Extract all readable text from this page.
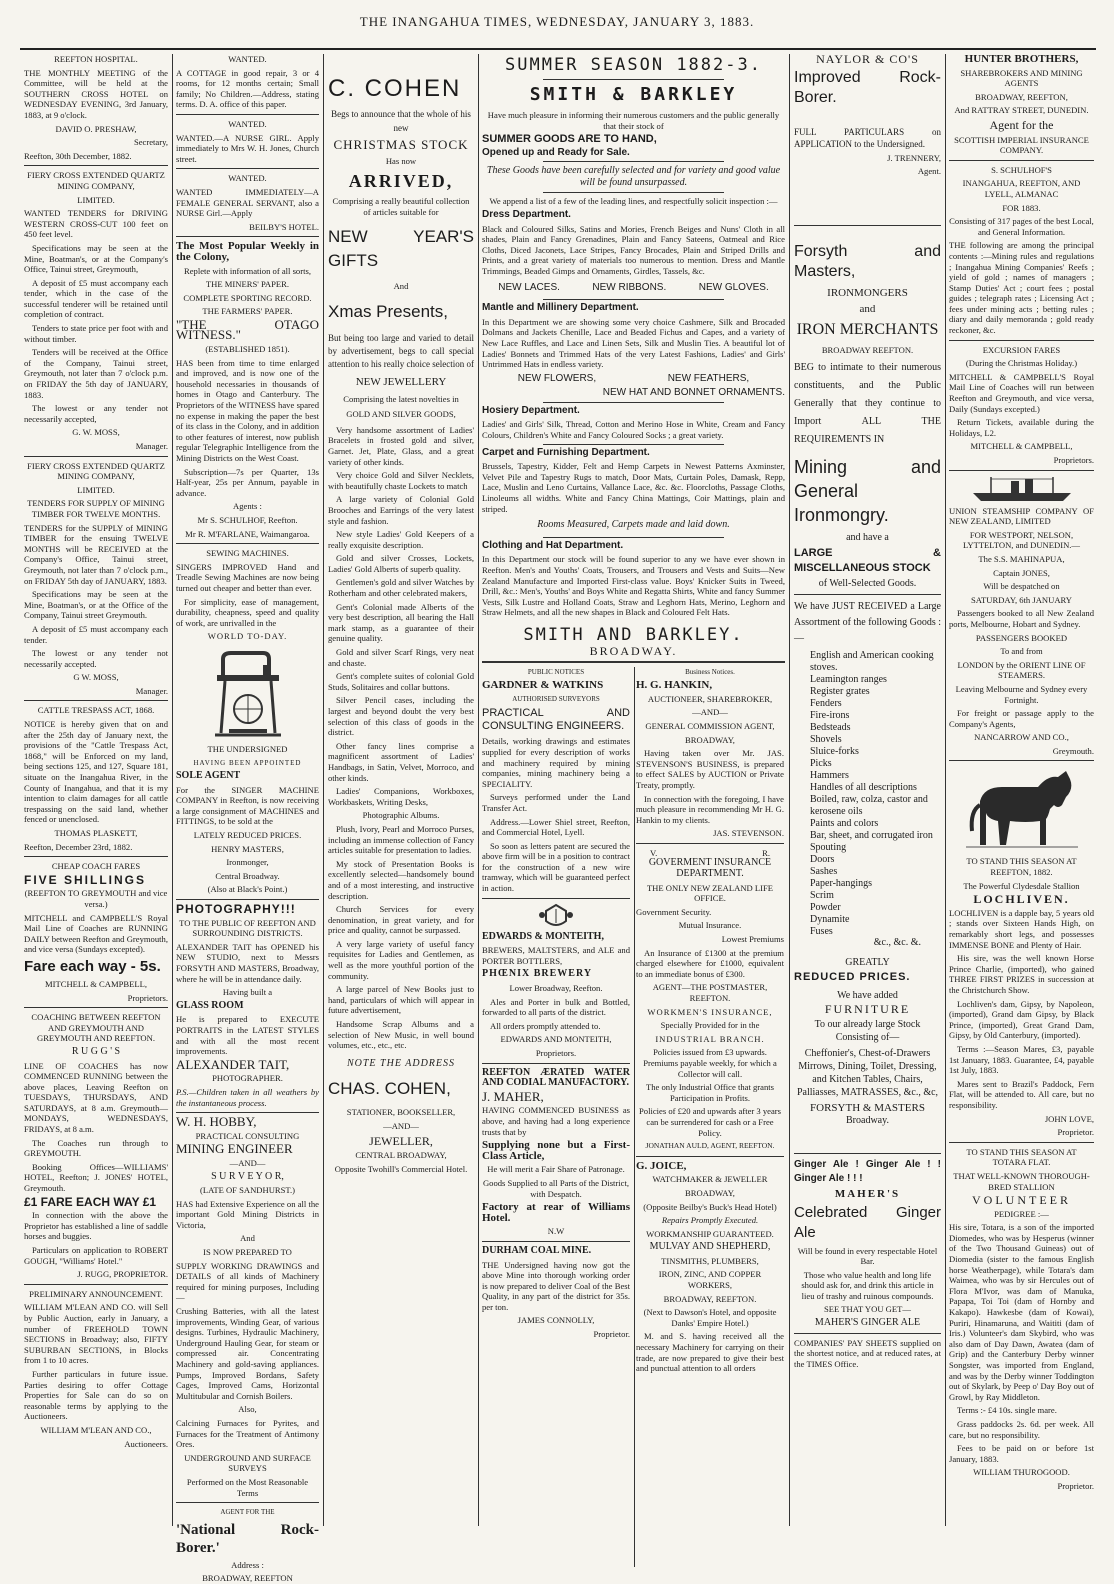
THE INANGAHUA TIMES, WEDNESDAY, JANUARY 3, 1883.

REEFTON HOSPITAL.

THE MONTHLY MEETING of the Committee, will be held at the SOUTHERN CROSS HOTEL on WEDNESDAY EVENING, 3rd January, 1883, at 9 o'clock.

DAVID O. PRESHAW,

Secretary,

Reefton, 30th December, 1882.

FIERY CROSS EXTENDED QUARTZ MINING COMPANY,

LIMITED.

WANTED TENDERS for DRIVING WESTERN CROSS-CUT 100 feet on 450 feet level.

Specifications may be seen at the Mine, Boatman's, or at the Company's Office, Tainui street, Greymouth,

A deposit of £5 must accompany each tender, which in the case of the successful tenderer will be retained until completion of contract.

Tenders to state price per foot with and without timber.

Tenders will be received at the Office of the Company, Tainui street, Greymouth, not later than 7 o'clock p.m. on FRIDAY the 5th day of JANUARY, 1883.

The lowest or any tender not necessarily accepted,

G. W. MOSS,

Manager.

FIERY CROSS EXTENDED QUARTZ MINING COMPANY,

LIMITED.

TENDERS FOR SUPPLY OF MINING TIMBER FOR TWELVE MONTHS.

TENDERS for the SUPPLY of MINING TIMBER for the ensuing TWELVE MONTHS will be RECEIVED at the Company's Office, Tainui street, Greymouth, not later than 7 o'clock p.m., on FRIDAY 5th day of JANUARY, 1883.

Specifications may be seen at the Mine, Boatman's, or at the Office of the Company, Tainui street Greymouth.

A deposit of £5 must accompany each tender.

The lowest or any tender not necessarily accepted.

G W. MOSS,

Manager.

CATTLE TRESPASS ACT, 1868.

NOTICE is hereby given that on and after the 25th day of January next, the provisions of the "Cattle Trespass Act, 1868," will be Enforced on my land, being sections 125, and 127, Square 181, situate on the Inangahua River, in the County of Inangahua, and that it is my intention to claim damages for all cattle trespassing on the said land, whether fenced or unenclosed.

THOMAS PLASKETT,

Reefton, December 23rd, 1882.

CHEAP COACH FARES

FIVE SHILLINGS

(REEFTON TO GREYMOUTH and vice versa.)

MITCHELL and CAMPBELL'S Royal Mail Line of Coaches are RUNNING DAILY between Reefton and Greymouth, and vice versa (Sundays excepted).

Fare each way - 5s.

MITCHELL & CAMPBELL,

Proprietors.

COACHING BETWEEN REEFTON AND GREYMOUTH AND GREYMOUTH AND REEFTON.

R U G G ' S

LINE OF COACHES has now COMMENCED RUNNING between the above places, Leaving Reefton on TUESDAYS, THURSDAYS, AND SATURDAYS, at 8 a.m. Greymouth— MONDAYS, WEDNESDAYS, FRIDAYS, at 8 a.m.

The Coaches run through to GREYMOUTH.

Booking Offices—WILLIAMS' HOTEL, Reefton; J. JONES' HOTEL, Greymouth.

£1 FARE EACH WAY £1

In connection with the above the Proprietor has established a line of saddle horses and buggies.

Particulars on application to ROBERT GOUGH, "Williams' Hotel."

J. RUGG, PROPRIETOR.

PRELIMINARY ANNOUNCEMENT.

WILLIAM M'LEAN AND CO. will Sell by Public Auction, early in January, a number of FREEHOLD TOWN SECTIONS in Broadway; also, FIFTY SUBURBAN SECTIONS, in Blocks from 1 to 10 acres.

Further particulars in future issue. Parties desiring to offer Cottage Properties for Sale can do so on reasonable terms by applying to the Auctioneers.

WILLIAM M'LEAN AND CO.,

Auctioneers.

WANTED.

A COTTAGE in good repair, 3 or 4 rooms, for 12 months certain; Small family; No Children.—Address, stating terms. D. A. office of this paper.

WANTED.

WANTED.—A NURSE GIRL. Apply immediately to Mrs W. H. Jones, Church street.

WANTED.

WANTED IMMEDIATELY—A FEMALE GENERAL SERVANT, also a NURSE Girl.—Apply

BEILBY'S HOTEL.

The Most Popular Weekly in the Colony,

Replete with information of all sorts,

THE MINERS' PAPER.

COMPLETE SPORTING RECORD.

THE FARMERS' PAPER.

"THE OTAGO WITNESS."

(ESTABLISHED 1851).

HAS been from time to time enlarged and improved, and is now one of the household necessaries in thousands of homes in Otago and Canterbury. The Proprietors of the WITNESS have spared no expense in making the paper the best of its class in the Colony, and in addition to other features of interest, now publish regular Telegraphic Intelligence from the Mining Districts on the West Coast.

Subscription—7s per Quarter, 13s Half-year, 25s per Annum, payable in advance.

Agents :

Mr S. SCHULHOF, Reefton.

Mr R. M'FARLANE, Waimangaroa.

SEWING MACHINES.

SINGERS IMPROVED Hand and Treadle Sewing Machines are now being turned out cheaper and better than ever.

For simplicity, ease of management, durability, cheapness, speed and quality of work, are unrivalled in the

WORLD TO-DAY.

THE UNDERSIGNED

HAVING BEEN APPOINTED

SOLE AGENT

For the SINGER MACHINE COMPANY in Reefton, is now receiving a large consignment of MACHINES and FITTINGS, to be sold at the

LATELY REDUCED PRICES.

HENRY MASTERS,

Ironmonger,

Central Broadway.

(Also at Black's Point.)

PHOTOGRAPHY!!!

TO THE PUBLIC OF REEFTON AND SURROUNDING DISTRICTS.

ALEXANDER TAIT has OPENED his NEW STUDIO, next to Messrs FORSYTH AND MASTERS, Broadway, where he will be in attendance daily.

Having built a

GLASS ROOM

He is prepared to EXECUTE PORTRAITS in the LATEST STYLES and with all the most recent improvements.

ALEXANDER TAIT,

PHOTOGRAPHER.

P.S.—Children taken in all weathers by the instantaneous process.

W. H. HOBBY,

PRACTICAL CONSULTING

MINING ENGINEER

—AND—

S U R V E Y O R,

(LATE OF SANDHURST.)

HAS had Extensive Experience on all the important Gold Mining Districts in Victoria,

And

IS NOW PREPARED TO

SUPPLY WORKING DRAWINGS and DETAILS of all kinds of Machinery required for mining purposes, Including—

Crushing Batteries, with all the latest improvements, Winding Gear, of various designs. Turbines, Hydraulic Machinery, Underground Hauling Gear, for steam or compressed air. Concentrating Machinery and gold-saving appliances. Pumps, Improved Bordans, Safety Cages, Improved Cams, Horizontal Multitubular and Cornish Boilers.

Also,

Calcining Furnaces for Pyrites, and Furnaces for the Treatment of Antimony Ores.

UNDERGROUND AND SURFACE SURVEYS

Performed on the Most Reasonable Terms

AGENT FOR THE

'National Rock-Borer.'

Address :

BROADWAY, REEFTON

C. COHEN

Begs to announce that the whole of his new

CHRISTMAS STOCK

Has now

ARRIVED,

Comprising a really beautiful collection of articles suitable for

NEW YEAR'S GIFTS

And

Xmas Presents,

But being too large and varied to detail by advertisement, begs to call special attention to his really choice selection of

NEW JEWELLERY

Comprising the latest novelties in

GOLD AND SILVER GOODS,

Very handsome assortment of Ladies' Bracelets in frosted gold and silver, Garnet. Jet, Plate, Glass, and a great variety of other kinds.

Very choice Gold and Silver Necklets, with beautifully chaste Lockets to match

A large variety of Colonial Gold Brooches and Earrings of the very latest style and fashion.

New style Ladies' Gold Keepers of a really exquisite description.

Gold and silver Crosses, Lockets, Ladies' Gold Alberts of superb quality.

Gentlemen's gold and silver Watches by Rotherham and other celebrated makers,

Gent's Colonial made Alberts of the very best description, all bearing the Hall mark stamp, as a guarantee of their genuine quality.

Gold and silver Scarf Rings, very neat and chaste.

Gent's complete suites of colonial Gold Studs, Solitaires and collar buttons.

Silver Pencil cases, including the largest and beyond doubt the very best selection of this class of goods in the district.

Other fancy lines comprise a magnificent assortment of Ladies' Handbags, in Satin, Velvet, Morroco, and other kinds.

Ladies' Companions, Workboxes, Workbaskets, Writing Desks,

Photographic Albums.

Plush, Ivory, Pearl and Morroco Purses, including an immense collection of Fancy articles suitable for presentation to ladies.

My stock of Presentation Books is excellently selected—handsomely bound and of a most interesting, and instructive description.

Church Services for every denomination, in great variety, and for price and quality, cannot be surpassed.

A very large variety of useful fancy requisites for Ladies and Gentlemen, as well as the more youthful portion of the community.

A large parcel of New Books just to hand, particulars of which will appear in future advertisement,

Handsome Scrap Albums and a selection of New Music, in well bound volumes, etc., etc., etc.

NOTE THE ADDRESS

CHAS. COHEN,

STATIONER, BOOKSELLER,

—AND—

JEWELLER,

CENTRAL BROADWAY,

Opposite Twohill's Commercial Hotel.

SUMMER SEASON 1882-3.

SMITH & BARKLEY

Have much pleasure in informing their numerous customers and the public generally that their stock of

SUMMER GOODS ARE TO HAND,

Opened up and Ready for Sale.

These Goods have been carefully selected and for variety and good value will be found unsurpassed.

We append a list of a few of the leading lines, and respectfully solicit inspection :—

Dress Department.

Black and Coloured Silks, Satins and Mories, French Beiges and Nuns' Cloth in all shades, Plain and Fancy Grenadines, Plain and Fancy Sateens, Oatmeal and Rice Cloths, Diced Jaconets, Lace Stripes, Fancy Brocades, Plain and Striped Drills and Prints, and a great variety of materials too numerous to mention. Dress and Mantle Trimmings, Beaded Gimps and Ornaments, Girdles, Tassels, &c.

NEW LACES.	NEW RIBBONS.	NEW GLOVES.

Mantle and Millinery Department.

In this Department we are showing some very choice Cashmere, Silk and Brocaded Dolmans and Jackets Chenille, Lace and Beaded Fichus and Capes, and a variety of New Lace Ruffles, and Lace and Linen Sets, Silk and Muslin Ties. A beautiful lot of Ladies' Bonnets and Trimmed Hats of the very Latest Fashions, Ladies' and Girls' Untrimmed Hats in endless variety.

NEW FLOWERS,	NEW FEATHERS,

NEW HAT AND BONNET ORNAMENTS.

Hosiery Department.

Ladies' and Girls' Silk, Thread, Cotton and Merino Hose in White, Cream and Fancy Colours, Children's White and Fancy Coloured Socks ; a great variety.

Carpet and Furnishing Department.

Brussels, Tapestry, Kidder, Felt and Hemp Carpets in Newest Patterns Axminster, Velvet Pile and Tapestry Rugs to match, Door Mats, Curtain Poles, Damask, Repp, Lace, Muslin and Leno Curtains, Vallance Lace, &c. &c. Floorcloths, Passage Cloths, Linoleums all widths. White and Fancy China Mattings, Coir Mattings, plain and striped.

Rooms Measured, Carpets made and laid down.

Clothing and Hat Department.

In this Department our stock will be found superior to any we have ever shown in Reefton. Men's and Youths' Coats, Trousers, and Trousers and Vests and Suits—New Zealand Manufacture and Imported First-class value. Boys' Knicker Suits in Tweed, Drill, &c.: Men's, Youths' and Boys White and Regatta Shirts, White and fancy Summer Vests, Silk Lustre and Holland Coats, Straw and Leghorn Hats, Merino, Leghorn and Straw Helmets, and all the new shapes in Black and Coloured Felt Hats.

SMITH AND BARKLEY.

BROADWAY.

PUBLIC NOTICES

GARDNER & WATKINS

AUTHORISED SURVEYORS

PRACTICAL AND CONSULTING ENGINEERS.

Details, working drawings and estimates supplied for every description of works and machinery required by mining companies, mining machinery being a SPECIALITY.

Surveys performed under the Land Transfer Act.

Address.—Lower Shiel street, Reefton, and Commercial Hotel, Lyell.

So soon as letters patent are secured the above firm will be in a position to contract for the construction of a new wire tramway, which will be guaranteed perfect in action.

EDWARDS & MONTEITH,

BREWERS, MALTSTERS, and ALE and PORTER BOTTLERS,

PHŒNIX BREWERY

Lower Broadway, Reefton.

Ales and Porter in bulk and Bottled, forwarded to all parts of the district.

All orders promptly attended to.

EDWARDS AND MONTEITH,

Proprietors.

REEFTON ÆRATED WATER AND CODIAL MANUFACTORY.

J. MAHER,

HAVING COMMENCED BUSINESS as above, and having had a long experience trusts that by

Supplying none but a First-Class Article,

He will merit a Fair Share of Patronage.

Goods Supplied to all Parts of the District, with Despatch.

Factory at rear of Williams Hotel.

N.W

DURHAM COAL MINE.

THE Undersigned having now got the above Mine into thorough working order is now prepared to deliver Coal of the Best Quality, in any part of the district for 35s. per ton.

JAMES CONNOLLY,

Proprietor.

Business Notices.

H. G. HANKIN,

AUCTIONEER, SHAREBROKER,

—AND—

GENERAL COMMISSION AGENT,

BROADWAY,

Having taken over Mr. JAS. STEVENSON'S BUSINESS, is prepared to effect SALES by AUCTION or Private Treaty, promptly.

In connection with the foregoing, I have much pleasure in recommending Mr H. G. Hankin to my clients.

JAS. STEVENSON.

V.	R.

GOVERMENT INSURANCE DEPARTMENT.

THE ONLY NEW ZEALAND LIFE OFFICE.

Government Security.

Mutual Insurance.

Lowest Premiums

An Insurance of £1300 at the premium charged elsewhere for £1000, equivalent to an immediate bonus of £300.

AGENT—THE POSTMASTER, REEFTON.

WORKMEN'S INSURANCE,

Specially Provided for in the

INDUSTRIAL BRANCH.

Policies issued from £3 upwards. Premiums payable weekly, for which a Collector will call.

The only Industrial Office that grants Participation in Profits.

Policies of £20 and upwards after 3 years can be surrendered for cash or a Free Policy.

JONATHAN AULD, AGENT, REEFTON.

G. JOICE,

WATCHMAKER & JEWELLER

BROADWAY,

(Opposite Beilby's Buck's Head Hotel)

Repairs Promptly Executed.

WORKMANSHIP GUARANTEED.

MULVAY AND SHEPHERD,

TINSMITHS, PLUMBERS,

IRON, ZINC, AND COPPER WORKERS,

BROADWAY, REEFTON.

(Next to Dawson's Hotel, and opposite Danks' Empire Hotel.)

M. and S. having received all the necessary Machinery for carrying on their trade, are now prepared to give their best and punctual attention to all orders

NAYLOR & CO'S

Improved Rock-Borer.

FULL PARTICULARS on APPLICATION to the Undersigned.

J. TRENNERY,

Agent.

Forsyth and Masters,

IRONMONGERS

and

IRON MERCHANTS

BROADWAY REEFTON.

BEG to intimate to their numerous constituents, and the Public Generally that they continue to Import ALL THE REQUIREMENTS IN

Mining and General Ironmongry.

and have a

LARGE & MISCELLANEOUS STOCK

of Well-Selected Goods.

We have JUST RECEIVED a Large Assortment of the following Goods :—

English and American cooking stoves.
Leamington ranges
Register grates
Fenders
Fire-irons
Bedsteads
Shovels
Sluice-forks
Picks
Hammers
Handles of all descriptions
Boiled, raw, colza, castor and kerosene oils
Paints and colors
Bar, sheet, and corrugated iron
Spouting
Doors
Sashes
Paper-hangings
Scrim
Powder
Dynamite
Fuses

&c., &c. &.

GREATLY

REDUCED PRICES.

We have added

FURNITURE

To our already large Stock Consisting of—

Cheffonier's, Chest-of-Drawers Mirrows, Dining, Toilet, Dressing, and Kitchen Tables, Chairs, Palliasses, MATRASSES, &c., &c,

FORSYTH & MASTERS

Broadway.

Ginger Ale ! Ginger Ale ! ! Ginger Ale ! ! !

MAHER'S

Celebrated Ginger Ale

Will be found in every respectable Hotel Bar.

Those who value health and long life should ask for, and drink this article in lieu of trashy and ruinous compounds.

SEE THAT YOU GET—

MAHER'S GINGER ALE

COMPANIES' PAY SHEETS supplied on the shortest notice, and at reduced rates, at the TIMES Office.

HUNTER BROTHERS,

SHAREBROKERS AND MINING AGENTS

BROADWAY, REEFTON,

And RATTRAY STREET, DUNEDIN.

Agent for the

SCOTTISH IMPERIAL INSURANCE COMPANY.

S. SCHULHOF'S

INANGAHUA, REEFTON, AND LYELL, ALMANAC

FOR 1883.

Consisting of 317 pages of the best Local, and General Information.

THE following are among the principal contents :—Mining rules and regulations ; Inangahua Mining Companies' Reefs ; yield of gold ; names of managers ; Stamp Duties' Act ; court fees ; postal guides ; telegraph rates ; Licensing Act ; fees under mining acts ; betting rules ; diary and daily memoranda ; gold ready reckoner, &c.

EXCURSION FARES

(During the Christmas Holiday.)

MITCHELL & CAMPBELL'S Royal Mail Line of Coaches will run between Reefton and Greymouth, and vice versa, Daily (Sundays excepted.)

Return Tickets, available during the Holidays, L2.

MITCHELL & CAMPBELL,

Proprietors.

UNION STEAMSHIP COMPANY OF NEW ZEALAND, LIMITED

FOR WESTPORT, NELSON, LYTTELTON, and DUNEDIN.—

The S.S. MAHINAPUA,

Captain JONES,

Will be despatched on

SATURDAY, 6th JANUARY

Passengers booked to all New Zealand ports, Melbourne, Hobart and Sydney.

PASSENGERS BOOKED

To and from

LONDON by the ORIENT LINE OF STEAMERS.

Leaving Melbourne and Sydney every Fortnight.

For freight or passage apply to the Company's Agents,

NANCARROW AND CO.,

Greymouth.

TO STAND THIS SEASON AT REEFTON, 1882.

The Powerful Clydesdale Stallion

LOCHLIVEN.

LOCHLIVEN is a dapple bay, 5 years old ; stands over Sixteen Hands High, on remarkably short legs, and possesses IMMENSE BONE and Plenty of Hair.

His sire, was the well known Horse Prince Charlie, (imported), who gained THREE FIRST PRIZES in succession at the Christchurch Show.

Lochliven's dam, Gipsy, by Napoleon, (imported), Grand dam Gipsy, by Black Prince, (imported), Great Grand Dam, Gipsy, by Old Canterbury, (imported).

Terms :—Season Mares, £3, payable 1st January, 1883. Guarantee, £4, payable 1st July, 1883.

Mares sent to Brazil's Paddock, Fern Flat, will be attended to. All care, but no responsibility.

JOHN LOVE,

Proprietor.

TO STAND THIS SEASON AT TOTARA FLAT.

THAT WELL-KNOWN THOROUGH-BRED STALLION

VOLUNTEER

PEDIGREE :—

His sire, Totara, is a son of the imported Diomedes, who was by Hesperus (winner of the Two Thousand Guineas) out of Diomedia (sister to the famous English horse Weatherpage), while Totara's dam Waimea, who was by sir Hercules out of Flora M'Ivor, was dam of Manuka, Papapa, Toi Toi (dam of Hornby and Kakapo). Hawkesbe (dam of Kowai), Puriri, Hinamaruna, and Waititi (dam of Iris.) Volunteer's dam Skybird, who was also dam of Day Dawn, Awatea (dam of Grip) and the Canterbury Derby winner Songster, was imported from England, and was by the Derby winner Toddington out of Skylark, by Peep o' Day Boy out of Growl, by Ray Middleton.

Terms :- £4 10s. single mare.

Grass paddocks 2s. 6d. per week. All care, but no responsibility.

Fees to be paid on or before 1st January, 1883.

WILLIAM THUROGOOD.

Proprietor.
